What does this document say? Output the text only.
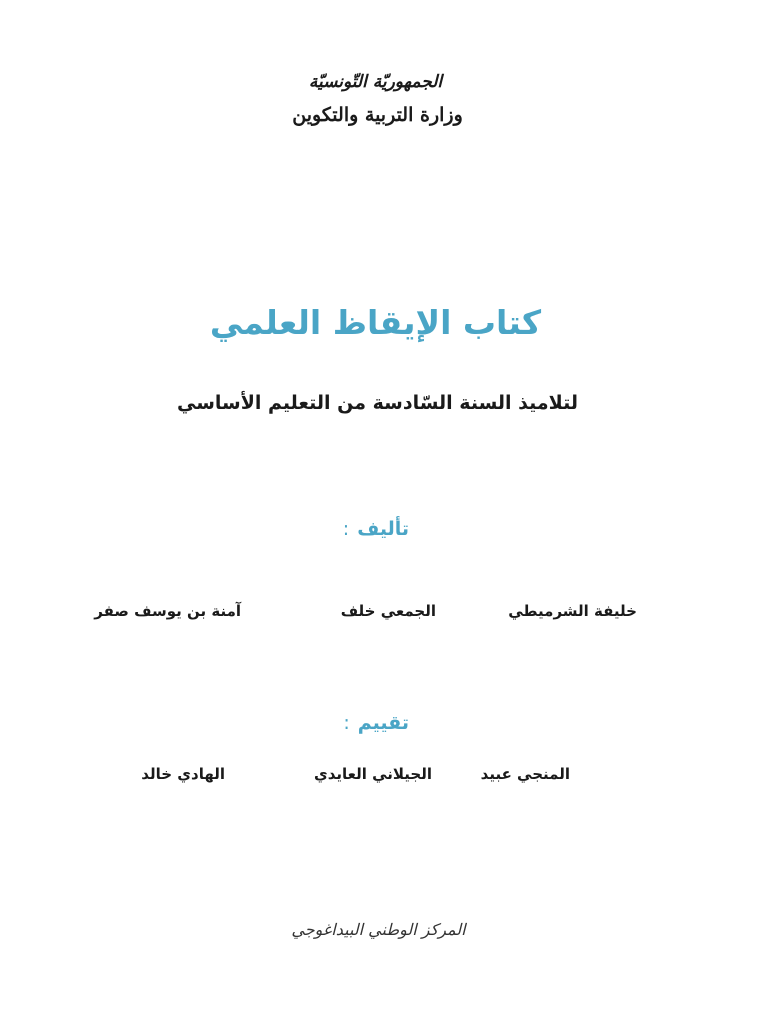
الجمهوريّة التّونسيّة
وزارة التربية والتكوين
كتاب الإيقاظ العلمي
لتلاميذ السنة السّادسة من التعليم الأساسي
تأليف:
خليفة الشرميطي
الجمعي خلف
آمنة بن يوسف صفر
تقييم:
المنجي عبيد
الجيلاني العايدي
الهادي خالد
المركز الوطني البيداغوجي
